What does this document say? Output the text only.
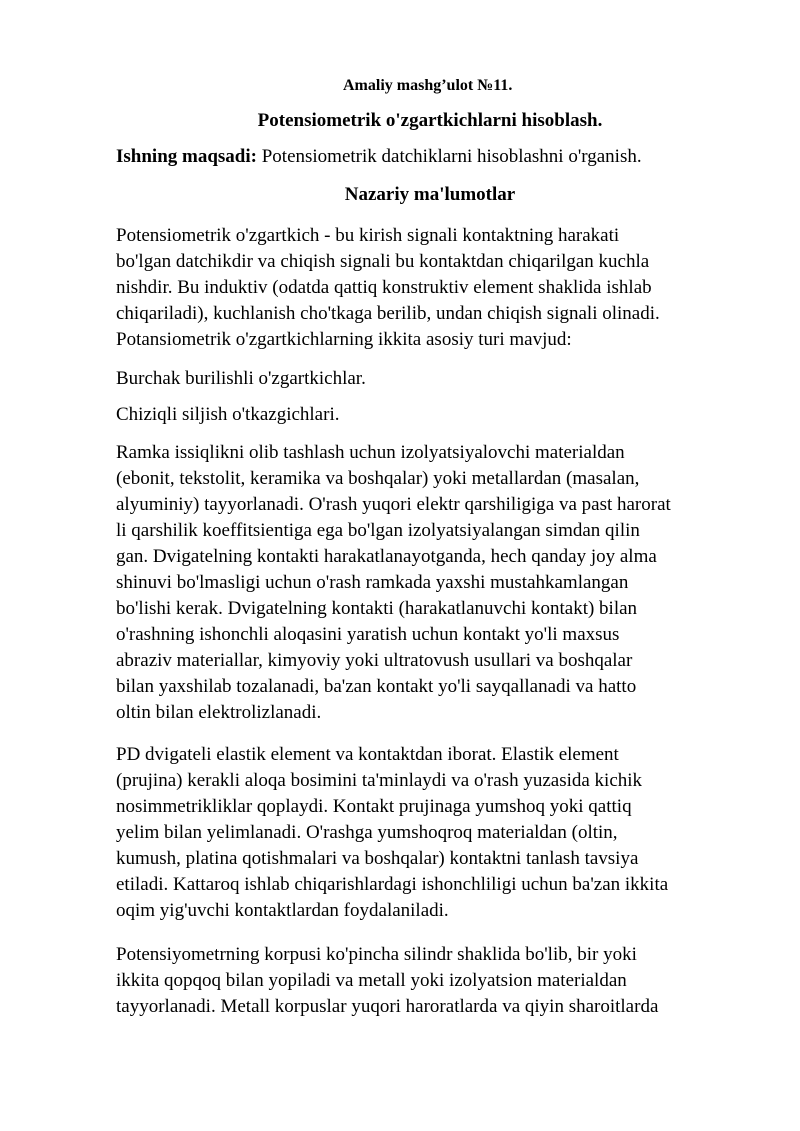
Amaliy mashg’ulot №11.
Potensiometrik o'zgartkichlarni hisoblash.
Ishning maqsadi: Potensiometrik datchiklarni hisoblashni o'rganish.
Nazariy ma'lumotlar
Potensiometrik o'zgartkich - bu kirish signali kontaktning harakati
bo'lgan datchikdir va chiqish signali bu kontaktdan chiqarilgan kuchla
nishdir. Bu induktiv (odatda qattiq konstruktiv element shaklida ishlab
chiqariladi), kuchlanish cho'tkaga berilib, undan chiqish signali olinadi.
Potansiometrik o'zgartkichlarning ikkita asosiy turi mavjud:
Burchak burilishli o'zgartkichlar.
Chiziqli siljish o'tkazgichlari.
Ramka issiqlikni olib tashlash uchun izolyatsiyalovchi materialdan
(ebonit, tekstolit, keramika va boshqalar) yoki metallardan (masalan,
alyuminiy) tayyorlanadi. O'rash yuqori elektr qarshiligiga va past harorat
li qarshilik koeffitsientiga ega bo'lgan izolyatsiyalangan simdan qilin
gan. Dvigatelning kontakti harakatlanayotganda, hech qanday joy alma
shinuvi bo'lmasligi uchun o'rash ramkada yaxshi mustahkamlangan
bo'lishi kerak. Dvigatelning kontakti (harakatlanuvchi kontakt) bilan
o'rashning ishonchli aloqasini yaratish uchun kontakt yo'li maxsus
abraziv materiallar, kimyoviy yoki ultratovush usullari va boshqalar
bilan yaxshilab tozalanadi, ba'zan kontakt yo'li sayqallanadi va hatto
oltin bilan elektrolizlanadi.
PD dvigateli elastik element va kontaktdan iborat. Elastik element
(prujina) kerakli aloqa bosimini ta'minlaydi va o'rash yuzasida kichik
nosimmetrikliklar qoplaydi. Kontakt prujinaga yumshoq yoki qattiq
yelim bilan yelimlanadi. O'rashga yumshoqroq materialdan (oltin,
kumush, platina qotishmalari va boshqalar) kontaktni tanlash tavsiya
etiladi. Kattaroq ishlab chiqarishlardagi ishonchliligi uchun ba'zan ikkita
oqim yig'uvchi kontaktlardan foydalaniladi.
Potensiyometrning korpusi ko'pincha silindr shaklida bo'lib, bir yoki
ikkita qopqoq bilan yopiladi va metall yoki izolyatsion materialdan
tayyorlanadi. Metall korpuslar yuqori haroratlarda va qiyin sharoitlarda
